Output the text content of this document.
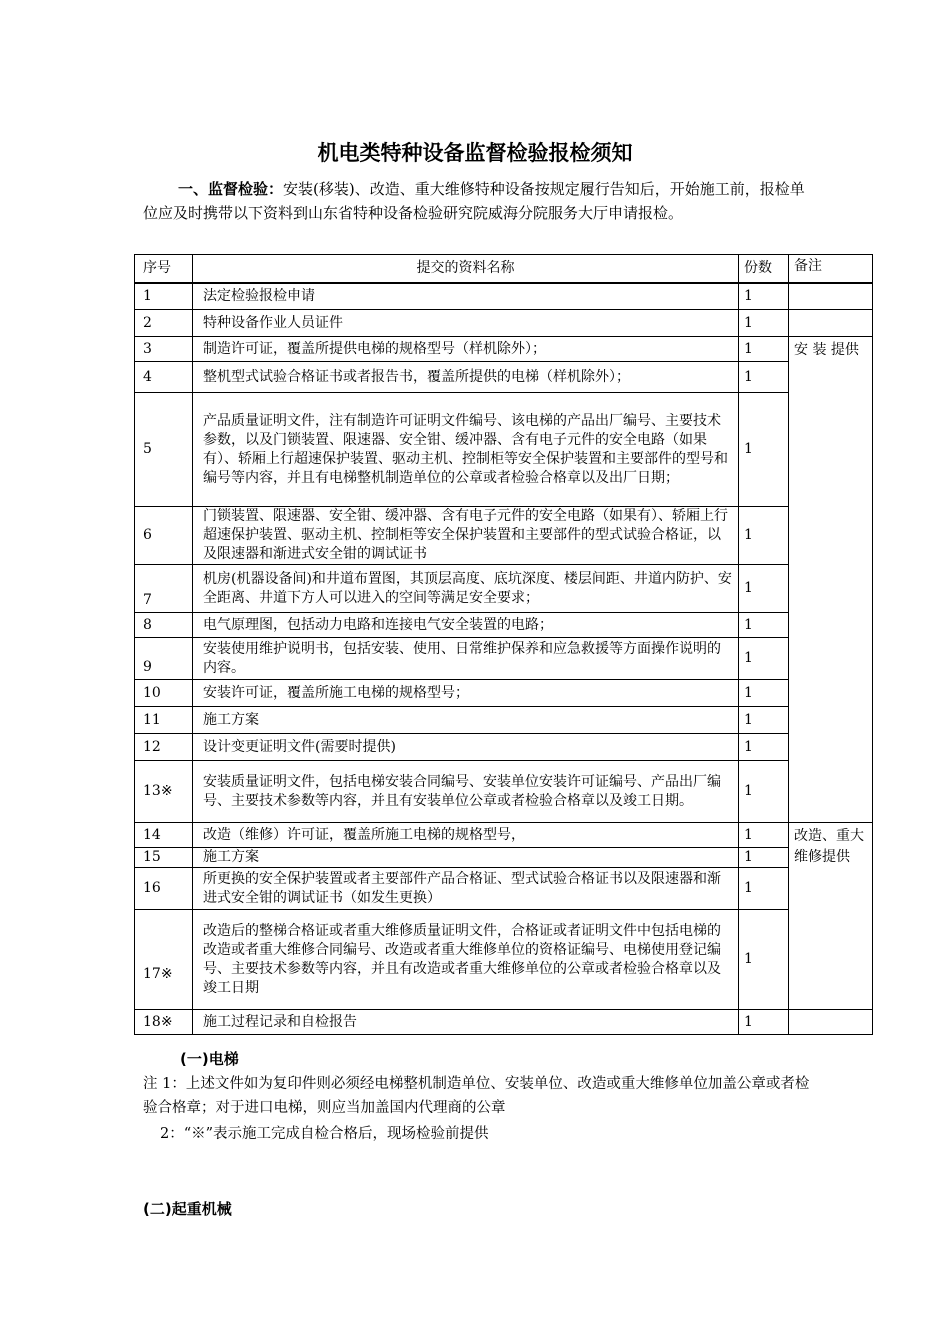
机电类特种设备监督检验报检须知
一、监督检验：安装(移装)、改造、重大维修特种设备按规定履行告知后，开始施工前，报检单位应及时携带以下资料到山东省特种设备检验研究院威海分院服务大厅申请报检。
序号	提交的资料名称	份数	备注
1	法定检验报检申请	1	
2	特种设备作业人员证件	1	
3	制造许可证，覆盖所提供电梯的规格型号（样机除外）；	1	安 装 提供
4	整机型式试验合格证书或者报告书，覆盖所提供的电梯（样机除外）；	1	
5	产品质量证明文件，注有制造许可证明文件编号、该电梯的产品出厂编号、主要技术参数，以及门锁装置、限速器、安全钳、缓冲器、含有电子元件的安全电路（如果有）、轿厢上行超速保护装置、驱动主机、控制柜等安全保护装置和主要部件的型号和编号等内容，并且有电梯整机制造单位的公章或者检验合格章以及出厂日期；	1	
6	门锁装置、限速器、安全钳、缓冲器、含有电子元件的安全电路（如果有）、轿厢上行超速保护装置、驱动主机、控制柜等安全保护装置和主要部件的型式试验合格证，以及限速器和渐进式安全钳的调试证书	1	
7	机房(机器设备间)和井道布置图，其顶层高度、底坑深度、楼层间距、井道内防护、安全距离、井道下方人可以进入的空间等满足安全要求；	1	
8	电气原理图，包括动力电路和连接电气安全装置的电路；	1	
9	安装使用维护说明书，包括安装、使用、日常维护保养和应急救援等方面操作说明的内容。	1	
10	安装许可证，覆盖所施工电梯的规格型号；	1	
11	施工方案	1	
12	设计变更证明文件(需要时提供)	1	
13※	安装质量证明文件，包括电梯安装合同编号、安装单位安装许可证编号、产品出厂编号、主要技术参数等内容，并且有安装单位公章或者检验合格章以及竣工日期。	1	
14	改造（维修）许可证，覆盖所施工电梯的规格型号，	1	改造、重大维修提供
15	施工方案	1	
16	所更换的安全保护装置或者主要部件产品合格证、型式试验合格证书以及限速器和渐进式安全钳的调试证书（如发生更换）	1	
17※	改造后的整梯合格证或者重大维修质量证明文件，合格证或者证明文件中包括电梯的改造或者重大维修合同编号、改造或者重大维修单位的资格证编号、电梯使用登记编号、主要技术参数等内容，并且有改造或者重大维修单位的公章或者检验合格章以及竣工日期	1	
18※	施工过程记录和自检报告	1	
(一)电梯
注 1：上述文件如为复印件则必须经电梯整机制造单位、安装单位、改造或重大维修单位加盖公章或者检验合格章；对于进口电梯，则应当加盖国内代理商的公章
2：“※”表示施工完成自检合格后，现场检验前提供
(二)起重机械
